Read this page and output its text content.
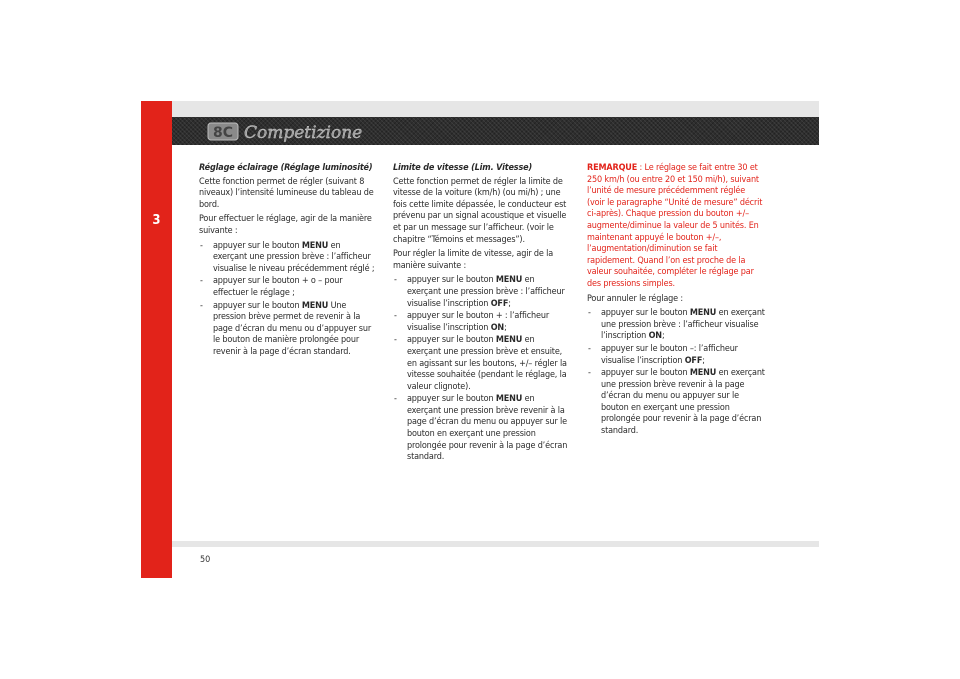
3
8C Competizione

Réglage éclairage (Réglage luminosité)

Cette fonction permet de régler (suivant 8 niveaux) l’intensité lumineuse du tableau de bord.

Pour effectuer le réglage, agir de la manière suivante :

- appuyer sur le bouton MENU en exerçant une pression brève : l’afficheur visualise le niveau précédemment réglé ;
- appuyer sur le bouton + o – pour effectuer le réglage ;
- appuyer sur le bouton MENU Une pression brève permet de revenir à la page d’écran du menu ou d’appuyer sur le bouton de manière prolongée pour revenir à la page d’écran standard.

Limite de vitesse (Lim. Vitesse)

Cette fonction permet de régler la limite de vitesse de la voiture (km/h) (ou mi/h) ; une fois cette limite dépassée, le conducteur est prévenu par un signal acoustique et visuelle et par un message sur l’afficheur. (voir le chapitre “Témoins et messages”).

Pour régler la limite de vitesse, agir de la manière suivante :

- appuyer sur le bouton MENU en exerçant une pression brève : l’afficheur visualise l’inscription OFF;
- appuyer sur le bouton + : l’afficheur visualise l’inscription ON;
- appuyer sur le bouton MENU en exerçant une pression brève et ensuite, en agissant sur les boutons, +/– régler la vitesse souhaitée (pendant le réglage, la valeur clignote).
- appuyer sur le bouton MENU en exerçant une pression brève revenir à la page d’écran du menu ou appuyer sur le bouton en exerçant une pression prolongée pour revenir à la page d’écran standard.

REMARQUE : Le réglage se fait entre 30 et 250 km/h (ou entre 20 et 150 mi/h), suivant l’unité de mesure précédemment réglée (voir le paragraphe “Unité de mesure” décrit ci-après). Chaque pression du bouton +/– augmente/diminue la valeur de 5 unités. En maintenant appuyé le bouton +/–, l’augmentation/diminution se fait rapidement. Quand l’on est proche de la valeur souhaitée, compléter le réglage par des pressions simples.

Pour annuler le réglage :

- appuyer sur le bouton MENU en exerçant une pression brève : l’afficheur visualise l’inscription ON;
- appuyer sur le bouton –: l’afficheur visualise l’inscription OFF;
- appuyer sur le bouton MENU en exerçant une pression brève revenir à la page d’écran du menu ou appuyer sur le bouton en exerçant une pression prolongée pour revenir à la page d’écran standard.
50
